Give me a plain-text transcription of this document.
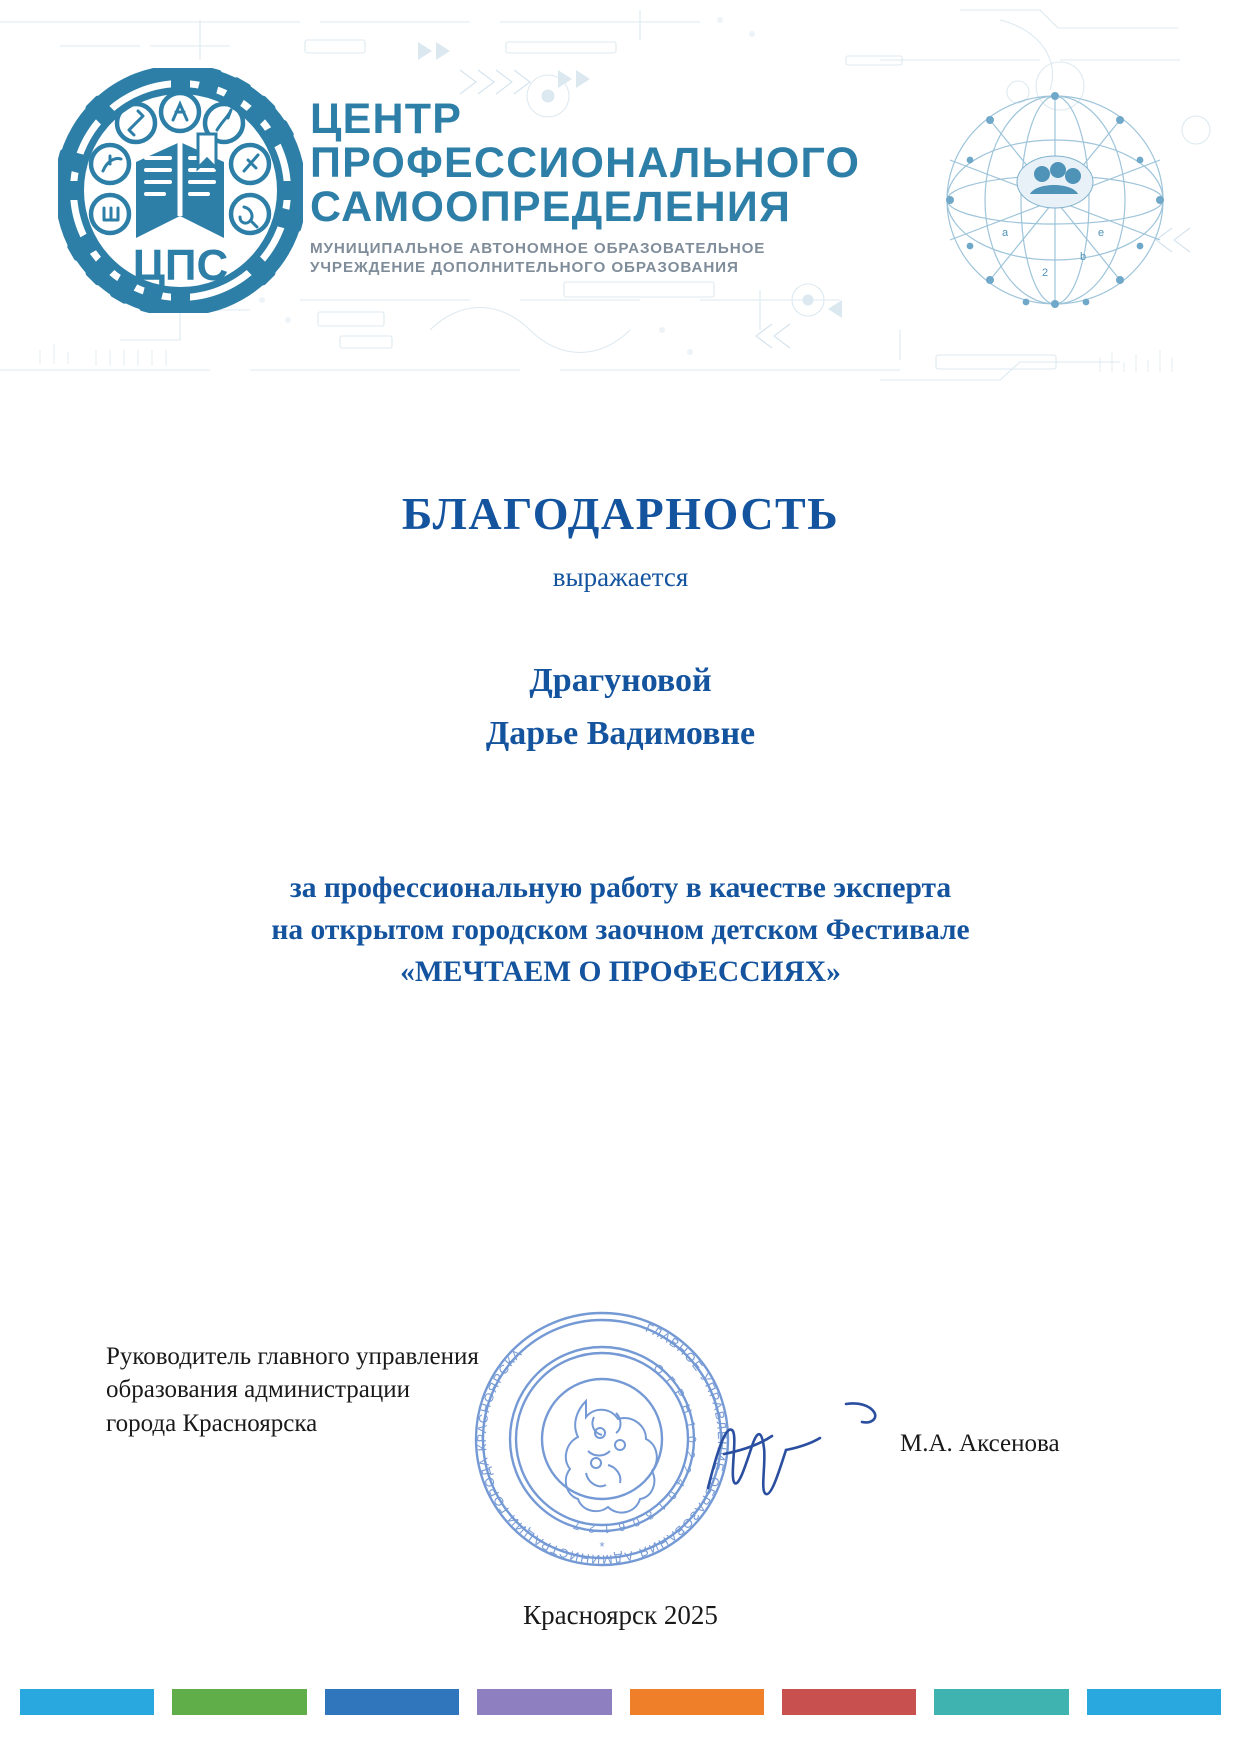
ЦПС
ЦЕНТР
ПРОФЕССИОНАЛЬНОГО
САМООПРЕДЕЛЕНИЯ
МУНИЦИПАЛЬНОЕ АВТОНОМНОЕ ОБРАЗОВАТЕЛЬНОЕ
УЧРЕЖДЕНИЕ ДОПОЛНИТЕЛЬНОГО ОБРАЗОВАНИЯ
a	e
2
b
БЛАГОДАРНОСТЬ
выражается
Драгуновой
Дарье Вадимовне
за профессиональную работу в качестве эксперта
на открытом городском заочном детском Фестивале
«МЕЧТАЕМ О ПРОФЕССИЯХ»
Руководитель главного управления
образования администрации
города Красноярска
ГЛАВНОЕ УПРАВЛЕНИЕ ОБРАЗОВАНИЯ АДМИНИСТРАЦИИ ГОРОДА КРАСНОЯРСКА
О Г Р Н 1 0 2 2 4 0 1 8 0 6 1 2 7
*
М.А. Аксенова
Красноярск 2025
